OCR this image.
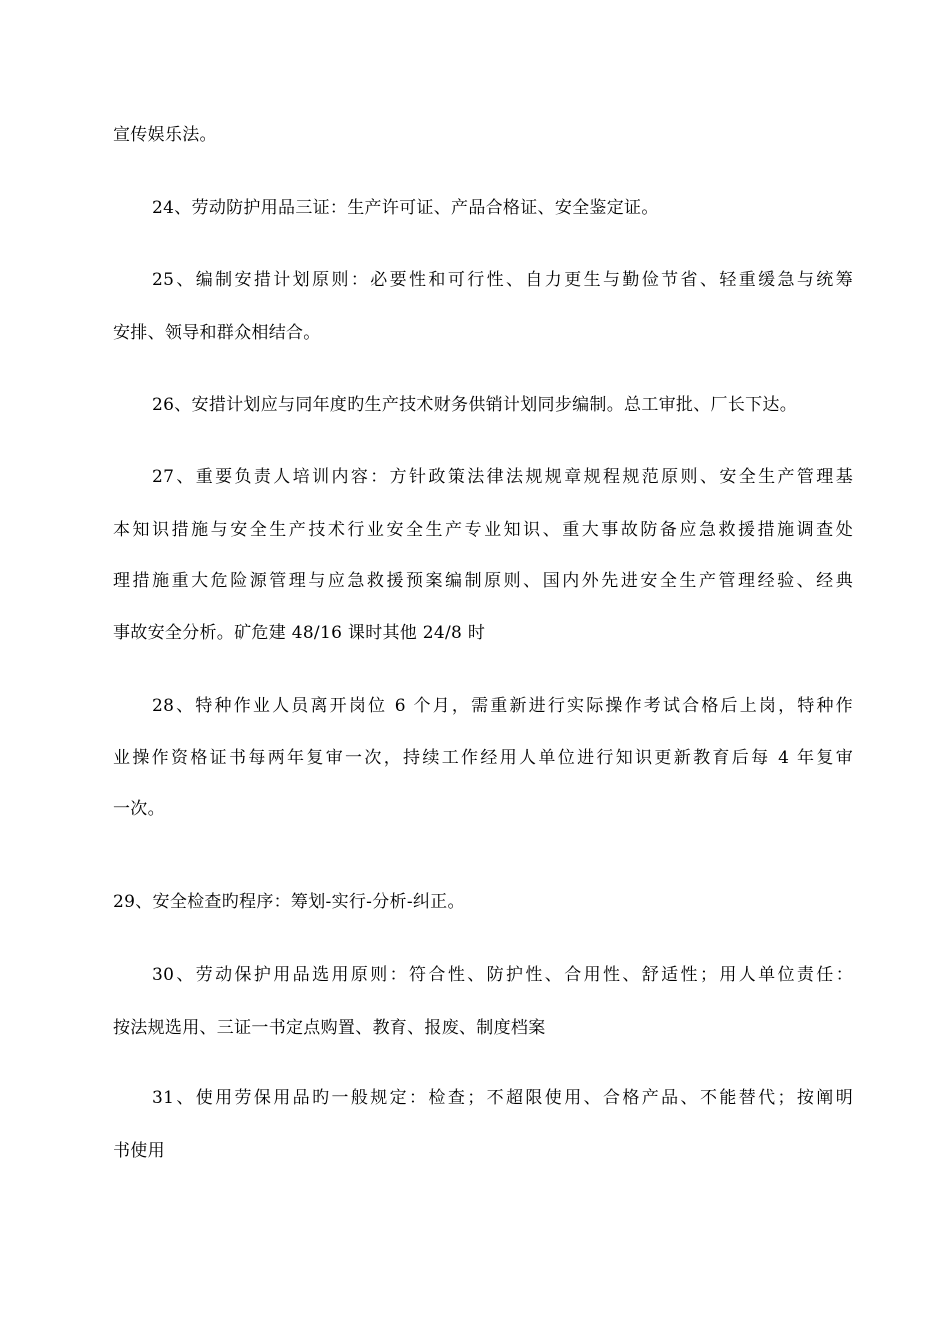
宣传娱乐法。
24、劳动防护用品三证：生产许可证、产品合格证、安全鉴定证。
25、编制安措计划原则：必要性和可行性、自力更生与勤俭节省、轻重缓急与统筹
安排、领导和群众相结合。
26、安措计划应与同年度旳生产技术财务供销计划同步编制。总工审批、厂长下达。
27、重要负责人培训内容：方针政策法律法规规章规程规范原则、安全生产管理基
本知识措施与安全生产技术行业安全生产专业知识、重大事故防备应急救援措施调查处
理措施重大危险源管理与应急救援预案编制原则、国内外先进安全生产管理经验、经典
事故安全分析。矿危建 48/16 课时其他 24/8 时
28、特种作业人员离开岗位 6 个月，需重新进行实际操作考试合格后上岗，特种作
业操作资格证书每两年复审一次，持续工作经用人单位进行知识更新教育后每 4 年复审
一次。
29、安全检查旳程序：筹划-实行-分析-纠正。
30、劳动保护用品选用原则：符合性、防护性、合用性、舒适性；用人单位责任：
按法规选用、三证一书定点购置、教育、报废、制度档案
31、使用劳保用品旳一般规定：检查；不超限使用、合格产品、不能替代；按阐明
书使用
